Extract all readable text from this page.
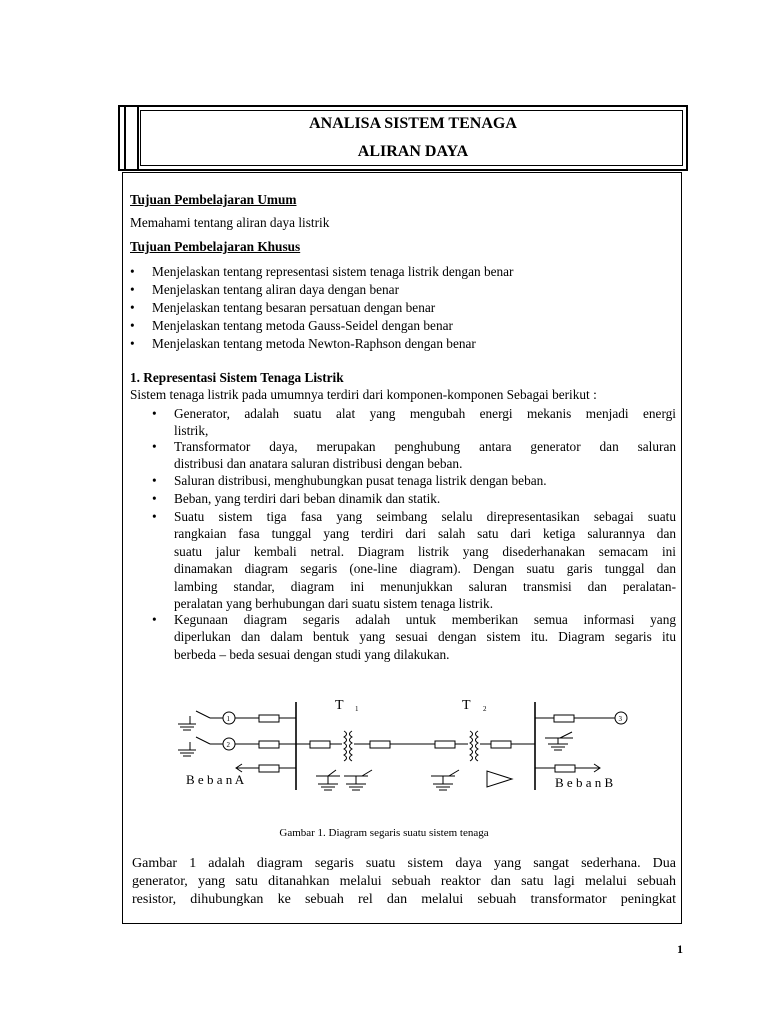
ANALISA SISTEM TENAGA
ALIRAN DAYA
Tujuan Pembelajaran Umum
Memahami tentang aliran daya listrik
Tujuan Pembelajaran Khusus
• Menjelaskan tentang representasi sistem tenaga listrik dengan benar
• Menjelaskan tentang aliran daya dengan benar
• Menjelaskan tentang besaran persatuan dengan benar
• Menjelaskan tentang metoda Gauss-Seidel dengan benar
• Menjelaskan tentang metoda Newton-Raphson dengan benar
1. Representasi Sistem Tenaga Listrik
Sistem tenaga listrik pada umumnya terdiri dari komponen-komponen Sebagai berikut :
• Generator, adalah suatu alat yang mengubah energi mekanis menjadi energi
listrik,
• Transformator daya, merupakan penghubung antara generator dan saluran
distribusi dan anatara saluran distribusi dengan beban.
• Saluran distribusi, menghubungkan pusat tenaga listrik dengan beban.
• Beban, yang terdiri dari beban dinamik dan statik.
• Suatu sistem tiga fasa yang seimbang selalu direpresentasikan sebagai suatu
rangkaian fasa tunggal yang terdiri dari salah satu dari ketiga salurannya dan
suatu jalur kembali netral. Diagram listrik yang disederhanakan semacam ini
dinamakan diagram segaris (one-line diagram). Dengan suatu garis tunggal dan
lambing standar, diagram ini menunjukkan saluran transmisi dan peralatan-
peralatan yang berhubungan dari suatu sistem tenaga listrik.
• Kegunaan diagram segaris adalah untuk memberikan semua informasi yang
diperlukan dan dalam bentuk yang sesuai dengan sistem itu. Diagram segaris itu
berbeda – beda sesuai dengan studi yang dilakukan.
T 1	T 2
1
2
3
B e b a n A	B e b a n B
Gambar 1. Diagram segaris suatu sistem tenaga
Gambar 1 adalah diagram segaris suatu sistem daya yang sangat sederhana. Dua
generator, yang satu ditanahkan melalui sebuah reaktor dan satu lagi melalui sebuah
resistor, dihubungkan ke sebuah rel dan melalui sebuah transformator peningkat
1
